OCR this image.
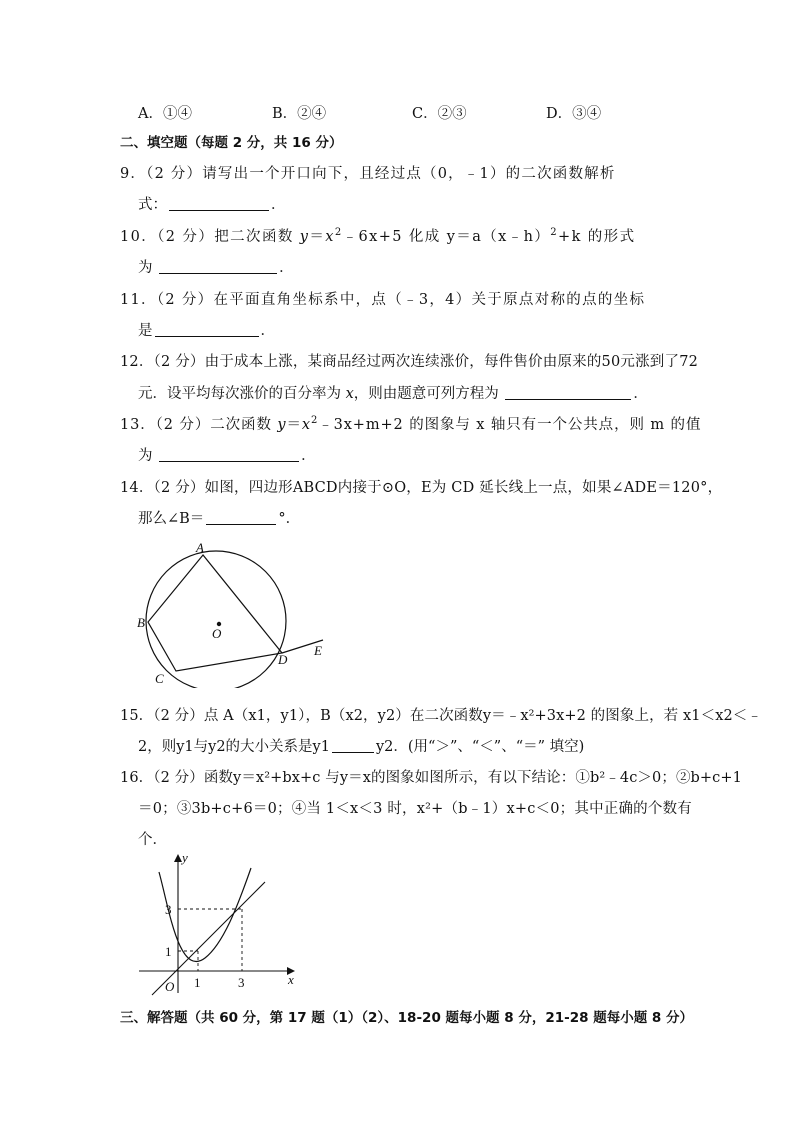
A．①④	B．②④	C．②③	D．③④
二、填空题（每题 2 分，共 16 分）
9．（2 分）请写出一个开口向下，且经过点（0，﹣1）的二次函数解析
式：	．
10．（2 分）把二次函数 $y=x^2﹣6x+5$ 化成 y＝a（x﹣h）$^2$+k 的形式
为	．
11．（2 分）在平面直角坐标系中，点（﹣3，4）关于原点对称的点的坐标
是	．
12．（2 分）由于成本上涨，某商品经过两次连续涨价，每件售价由原来的50元涨到了72
元．设平均每次涨价的百分率为 x，则由题意可列方程为	．
13．（2 分）二次函数 $y=x^2﹣3x+m+2$ 的图象与 x 轴只有一个公共点，则 m 的值
为	．
14．（2 分）如图，四边形ABCD内接于⊙O，E为 CD 延长线上一点，如果∠ADE＝120°，
那么∠B＝	°．
A
B
C
D
E
O
15．（2 分）点 A（x1，y1），B（x2，y2）在二次函数y＝﹣x²+3x+2 的图象上，若 x1＜x2＜﹣
2，则y1与y2的大小关系是y1	y2．(用“＞”、“＜”、“＝” 填空)
16．（2 分）函数y＝x²+bx+c 与y＝x的图象如图所示，有以下结论：①b²﹣4c＞0；②b+c+1
＝0；③3b+c+6＝0；④当 1＜x＜3 时，x²+（b﹣1）x+c＜0；其中正确的个数有
个．
y
x
O 1	3
1
3
三、解答题（共 60 分，第 17 题（1）（2）、18-20 题每小题 8 分，21-28 题每小题 8 分）
